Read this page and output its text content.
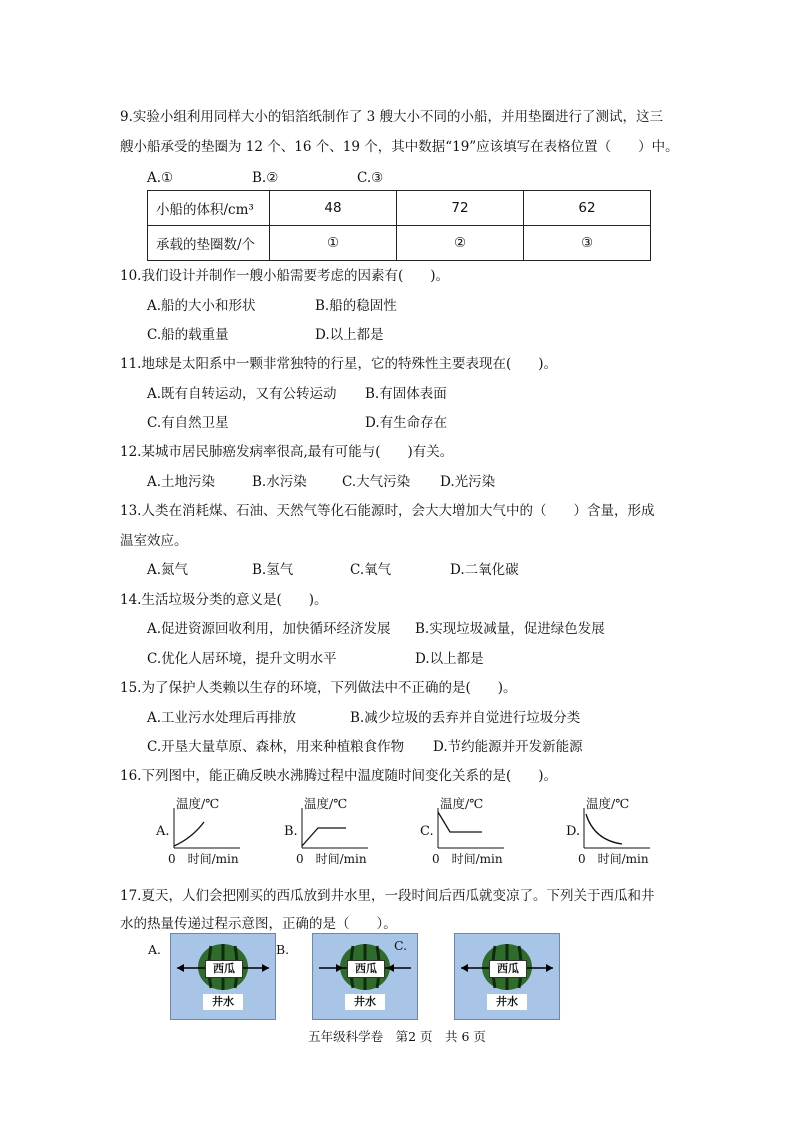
9.实验小组利用同样大小的铝箔纸制作了 3 艘大小不同的小船，并用垫圈进行了测试，这三
艘小船承受的垫圈为 12 个、16 个、19 个，其中数据“19”应该填写在表格位置（　　）中。
A.①	B.②	C.③
小船的体积/cm³	48	72	62
承载的垫圈数/个	①	②	③
10.我们设计并制作一艘小船需要考虑的因素有(　　)。
A.船的大小和形状	B.船的稳固性
C.船的载重量	D.以上都是
11.地球是太阳系中一颗非常独特的行星，它的特殊性主要表现在(　　)。
A.既有自转运动，又有公转运动 B.有固体表面
C.有自然卫星	D.有生命存在
12.某城市居民肺癌发病率很高,最有可能与(　　)有关。
A.土地污染	B.水污染	C.大气污染 D.光污染
13.人类在消耗煤、石油、天然气等化石能源时，会大大增加大气中的（　　）含量，形成
温室效应。
A.氮气	B.氢气	C.氧气	D.二氧化碳
14.生活垃圾分类的意义是(　　)。
A.促进资源回收利用，加快循环经济发展 B.实现垃圾减量，促进绿色发展
C.优化人居环境，提升文明水平	D.以上都是
15.为了保护人类赖以生存的环境，下列做法中不正确的是(　　)。
A.工业污水处理后再排放	B.减少垃圾的丢弃并自觉进行垃圾分类
C.开垦大量草原、森林，用来种植粮食作物 D.节约能源并开发新能源
16.下列图中，能正确反映水沸腾过程中温度随时间变化关系的是(　　)。
A.
温度/℃
0　时间/min
B.
温度/℃
0　时间/min
C.
温度/℃
0　时间/min
D.
温度/℃
0　时间/min
17.夏天，人们会把刚买的西瓜放到井水里，一段时间后西瓜就变凉了。下列关于西瓜和井
水的热量传递过程示意图，正确的是（　　）。
A.
西瓜
井水
B.
西瓜
井水
C.
西瓜
井水
五年级科学卷　第2 页　共 6 页
